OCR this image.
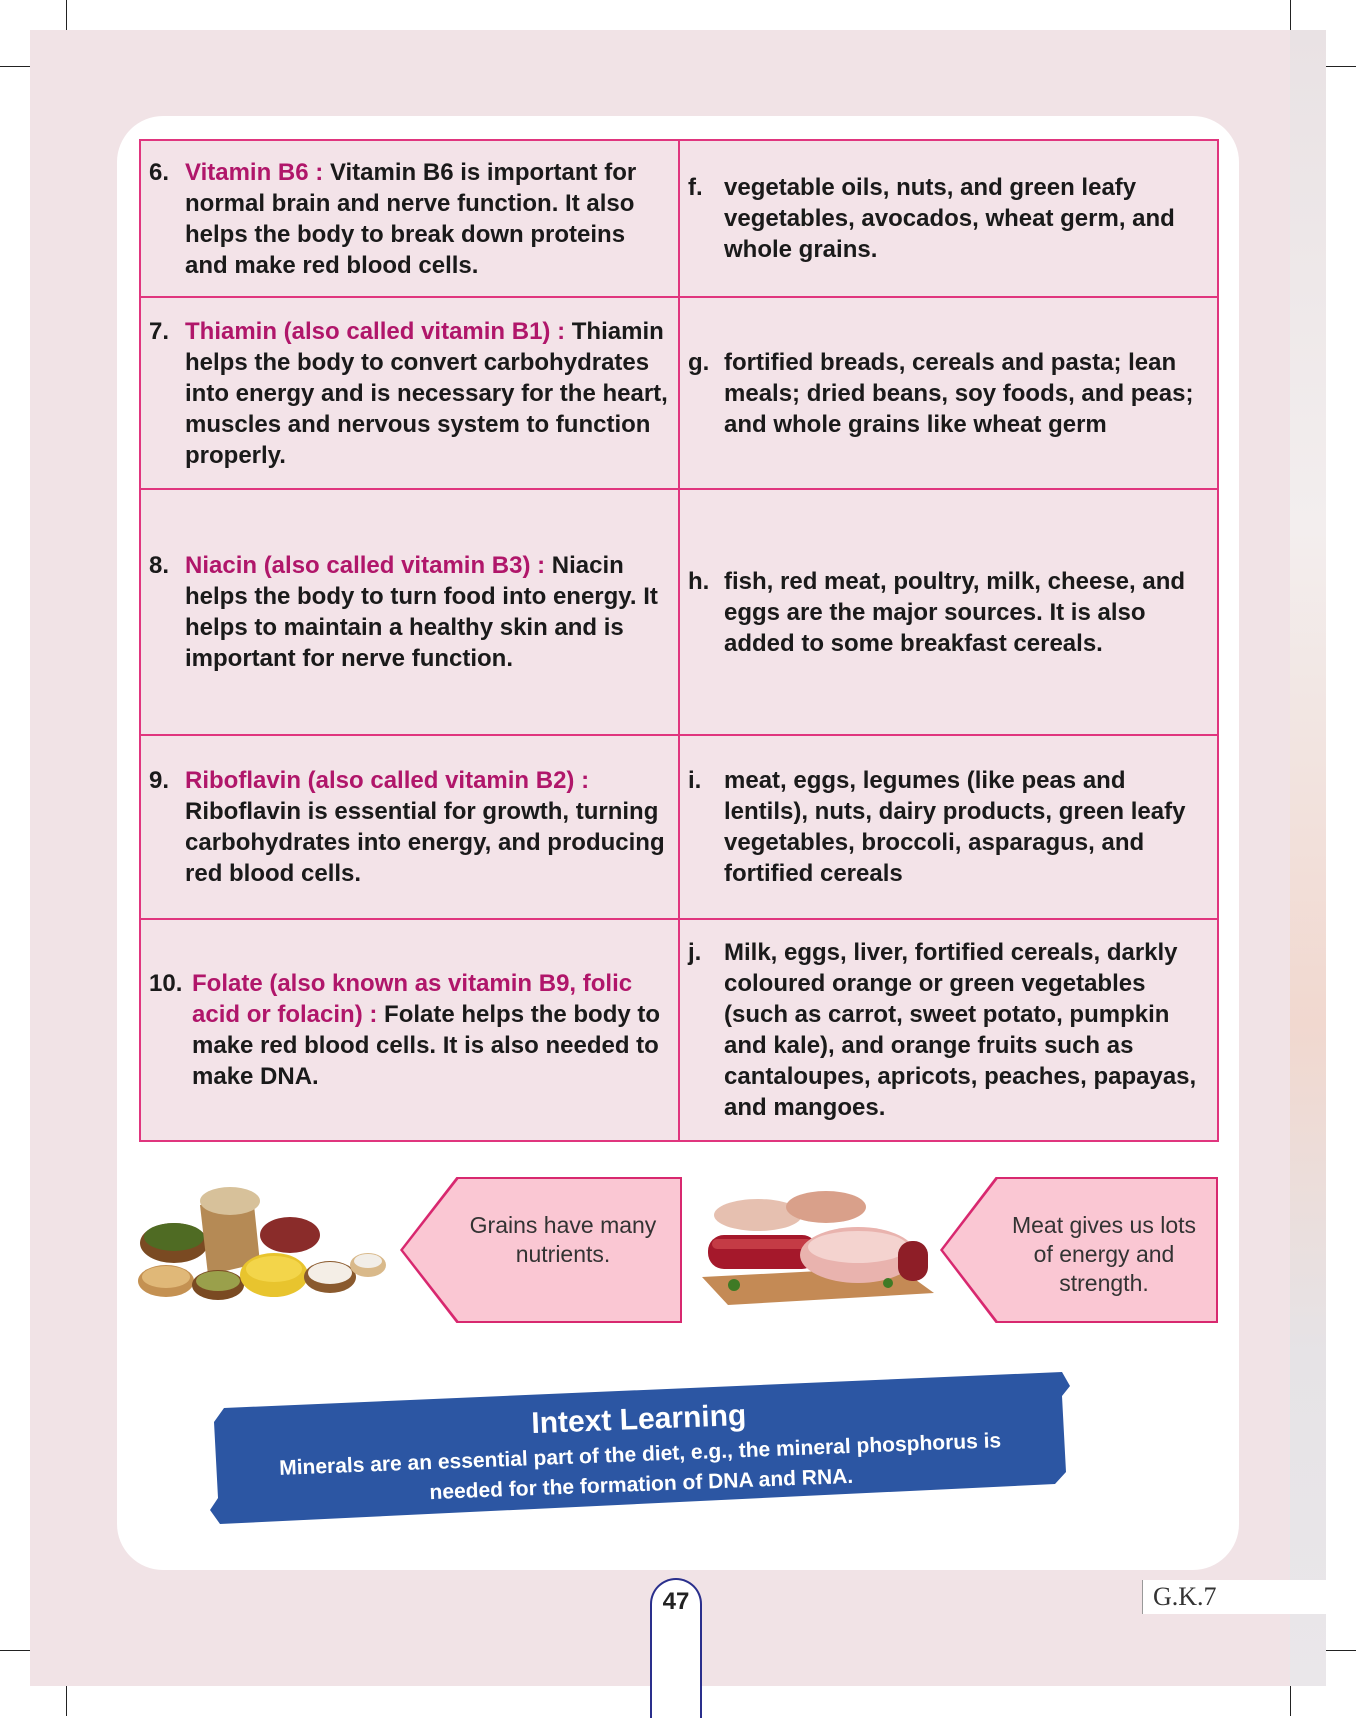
6. Vitamin B6 : Vitamin B6 is important for normal brain and nerve function. It also helps the body to break down proteins and make red blood cells.	f. vegetable oils, nuts, and green leafy vegetables, avocados, wheat germ, and whole grains.

7. Thiamin (also called vitamin B1) : Thiamin helps the body to convert carbohydrates into energy and is necessary for the heart, muscles and nervous system to function properly.	g. fortified breads, cereals and pasta; lean meals; dried beans, soy foods, and peas; and whole grains like wheat germ

8. Niacin (also called vitamin B3) : Niacin helps the body to turn food into energy. It helps to maintain a healthy skin and is important for nerve function.	h. fish, red meat, poultry, milk, cheese, and eggs are the major sources. It is also added to some breakfast cereals.

9. Riboflavin (also called vitamin B2) : Riboflavin is essential for growth, turning carbohydrates into energy, and producing red blood cells.	i. meat, eggs, legumes (like peas and lentils), nuts, dairy products, green leafy vegetables, broccoli, asparagus, and fortified cereals

10. Folate (also known as vitamin B9, folic acid or folacin) : Folate helps the body to make red blood cells. It is also needed to make DNA.	j. Milk, eggs, liver, fortified cereals, darkly coloured orange or green vegetables (such as carrot, sweet potato, pumpkin and kale), and orange fruits such as cantaloupes, apricots, peaches, papayas, and mangoes.
Grains have many nutrients.
Meat gives us lots of energy and strength.
Intext Learning
Minerals are an essential part of the diet, e.g., the mineral phosphorus is needed for the formation of DNA and RNA.
47	G.K.7
